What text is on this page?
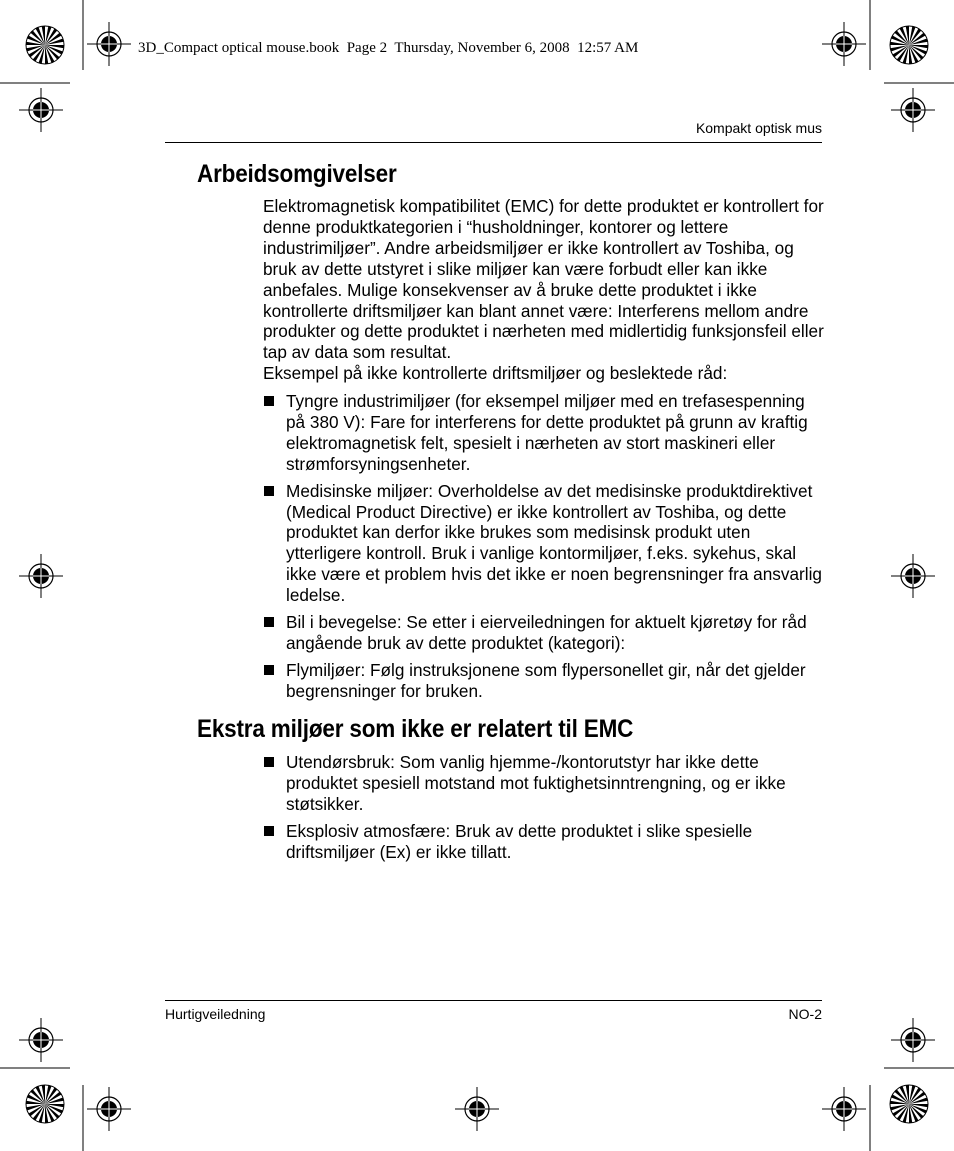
3D_Compact optical mouse.book  Page 2  Thursday, November 6, 2008  12:57 AM
Kompakt optisk mus
Arbeidsomgivelser
Elektromagnetisk kompatibilitet (EMC) for dette produktet er kontrollert for denne produktkategorien i “husholdninger, kontorer og lettere industrimiljøer”. Andre arbeidsmiljøer er ikke kontrollert av Toshiba, og bruk av dette utstyret i slike miljøer kan være forbudt eller kan ikke anbefales. Mulige konsekvenser av å bruke dette produktet i ikke kontrollerte driftsmiljøer kan blant annet være: Interferens mellom andre produkter og dette produktet i nærheten med midlertidig funksjonsfeil eller tap av data som resultat.
Eksempel på ikke kontrollerte driftsmiljøer og beslektede råd:
Tyngre industrimiljøer (for eksempel miljøer med en trefasespenning på 380 V): Fare for interferens for dette produktet på grunn av kraftig elektromagnetisk felt, spesielt i nærheten av stort maskineri eller strømforsyningsenheter.
Medisinske miljøer: Overholdelse av det medisinske produktdirektivet (Medical Product Directive) er ikke kontrollert av Toshiba, og dette produktet kan derfor ikke brukes som medisinsk produkt uten ytterligere kontroll. Bruk i vanlige kontormiljøer, f.eks. sykehus, skal ikke være et problem hvis det ikke er noen begrensninger fra ansvarlig ledelse.
Bil i bevegelse: Se etter i eierveiledningen for aktuelt kjøretøy for råd angående bruk av dette produktet (kategori):
Flymiljøer: Følg instruksjonene som flypersonellet gir, når det gjelder begrensninger for bruken.
Ekstra miljøer som ikke er relatert til EMC
Utendørsbruk: Som vanlig hjemme-/kontorutstyr har ikke dette produktet spesiell motstand mot fuktighetsinntrengning, og er ikke støtsikker.
Eksplosiv atmosfære: Bruk av dette produktet i slike spesielle driftsmiljøer (Ex) er ikke tillatt.
Hurtigveiledning	NO-2
